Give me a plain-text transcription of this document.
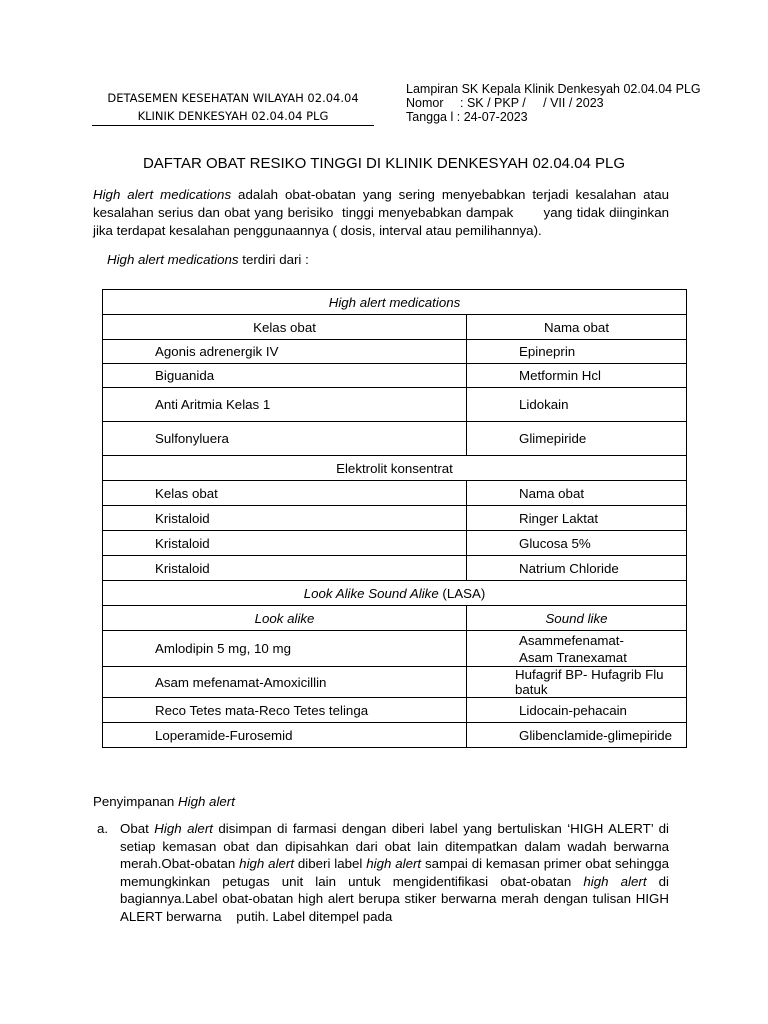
DETASEMEN KESEHATAN WILAYAH 02.04.04
KLINIK DENKESYAH 02.04.04 PLG
Lampiran SK Kepala Klinik Denkesyah 02.04.04 PLG
Nomor : SK / PKP /     / VII / 2023
Tangga l : 24-07-2023
DAFTAR OBAT RESIKO TINGGI DI KLINIK DENKESYAH 02.04.04 PLG

High alert medications adalah obat-obatan yang sering menyebabkan terjadi kesalahan atau kesalahan serius dan obat yang berisiko  tinggi menyebabkan dampak       yang tidak diinginkan jika terdapat kesalahan penggunaannya ( dosis, interval atau pemilihannya).

High alert medications terdiri dari :

High alert medications	
Kelas obat	Nama obat
Agonis adrenergik IV	Epineprin
Biguanida	Metformin Hcl
Anti Aritmia Kelas 1	Lidokain
Sulfonyluera	Glimepiride
Elektrolit konsentrat	
Kelas obat	Nama obat
Kristaloid	Ringer Laktat
Kristaloid	Glucosa 5%
Kristaloid	Natrium Chloride
Look Alike Sound Alike (LASA)	
Look alike	Sound like
Amlodipin 5 mg, 10 mg	Asammefenamat-Asam Tranexamat
Asam mefenamat-Amoxicillin	Hufagrif BP- Hufagrib Flu batuk
Reco Tetes mata-Reco Tetes telinga	Lidocain-pehacain
Loperamide-Furosemid	Glibenclamide-glimepiride

Penyimpanan High alert

a. Obat High alert disimpan di farmasi dengan diberi label yang bertuliskan ‘HIGH ALERT’ di setiap kemasan obat dan dipisahkan dari obat lain ditempatkan dalam wadah berwarna merah.Obat-obatan high alert diberi label high alert sampai di kemasan primer obat sehingga memungkinkan petugas unit lain untuk mengidentifikasi obat-obatan high alert di bagiannya.Label obat-obatan high alert berupa stiker berwarna merah dengan tulisan HIGH ALERT berwarna    putih. Label ditempel pada
